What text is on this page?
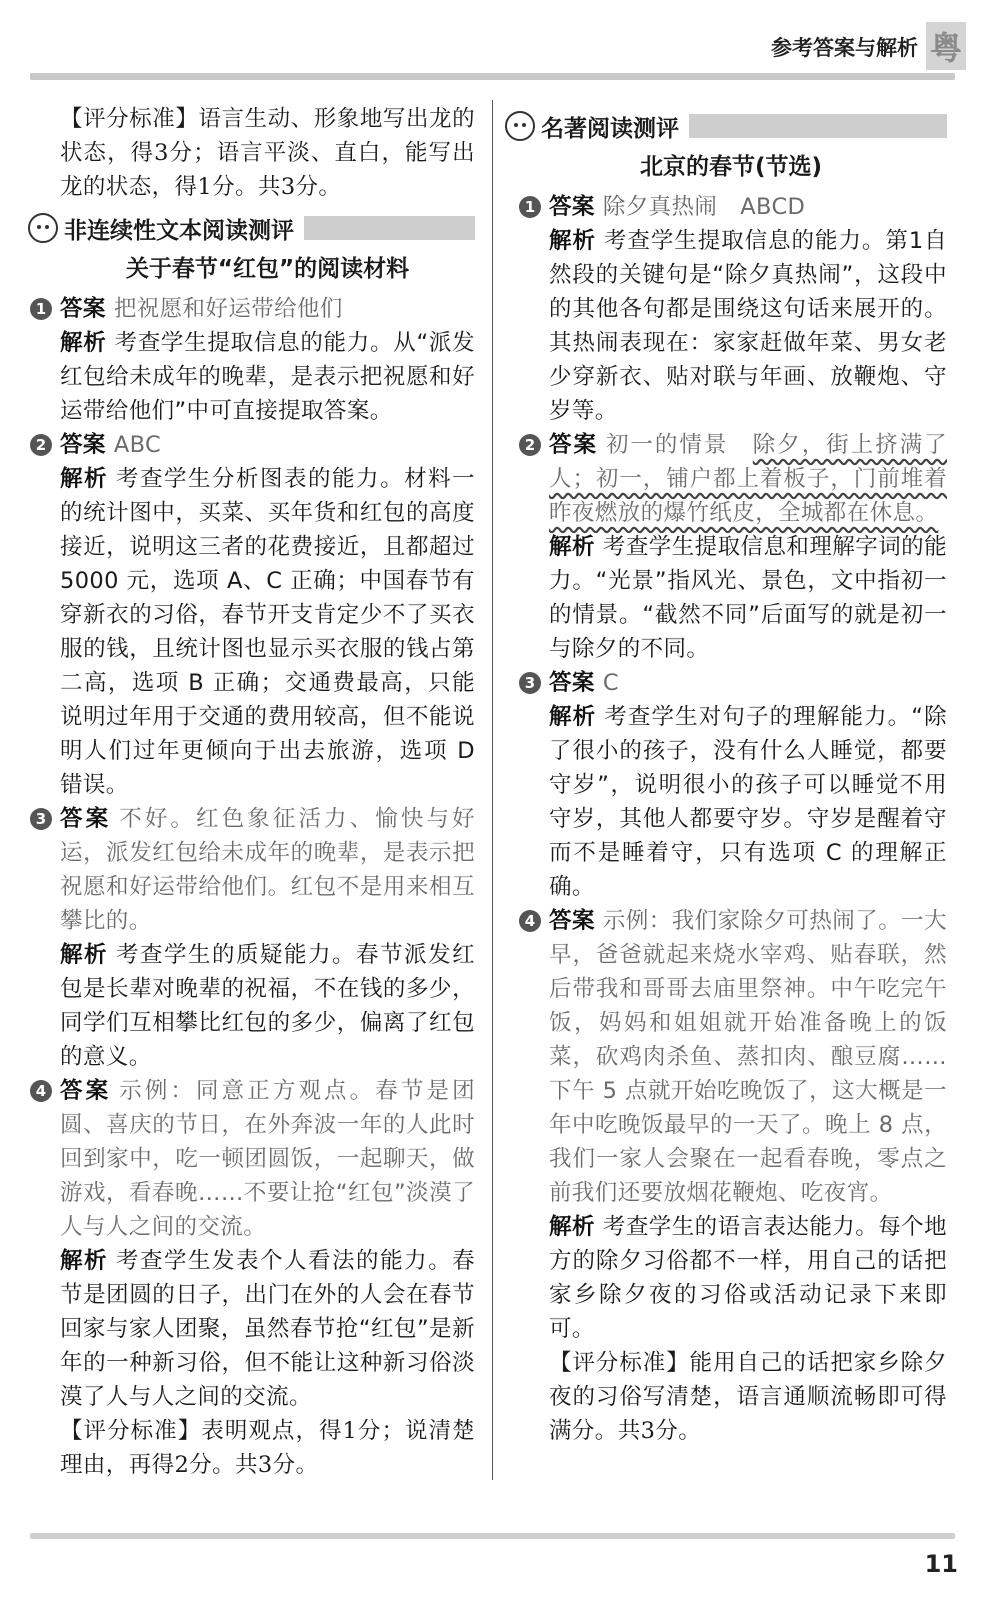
参考答案与解析 粤

【评分标准】语言生动、形象地写出龙的状态，得3分；语言平淡、直白，能写出龙的状态，得1分。共3分。

非连续性文本阅读测评
关于春节“红包”的阅读材料
1 答案 把祝愿和好运带给他们

解析 考查学生提取信息的能力。从“派发红包给未成年的晚辈，是表示把祝愿和好运带给他们”中可直接提取答案。

2 答案 ABC

解析 考查学生分析图表的能力。材料一的统计图中，买菜、买年货和红包的高度接近，说明这三者的花费接近，且都超过 5000 元，选项 A、C 正确；中国春节有穿新衣的习俗，春节开支肯定少不了买衣服的钱，且统计图也显示买衣服的钱占第二高，选项 B 正确；交通费最高，只能说明过年用于交通的费用较高，但不能说明人们过年更倾向于出去旅游，选项 D 错误。

3 答案 不好。红色象征活力、愉快与好运，派发红包给未成年的晚辈，是表示把祝愿和好运带给他们。红包不是用来相互攀比的。

解析 考查学生的质疑能力。春节派发红包是长辈对晚辈的祝福，不在钱的多少，同学们互相攀比红包的多少，偏离了红包的意义。

4 答案 示例：同意正方观点。春节是团圆、喜庆的节日，在外奔波一年的人此时回到家中，吃一顿团圆饭，一起聊天，做游戏，看春晚……不要让抢“红包”淡漠了人与人之间的交流。

解析 考查学生发表个人看法的能力。春节是团圆的日子，出门在外的人会在春节回家与家人团聚，虽然春节抢“红包”是新年的一种新习俗，但不能让这种新习俗淡漠了人与人之间的交流。

【评分标准】表明观点，得1分；说清楚理由，再得2分。共3分。

名著阅读测评
北京的春节(节选)
1 答案 除夕真热闹　ABCD

解析 考查学生提取信息的能力。第1自然段的关键句是“除夕真热闹”，这段中的其他各句都是围绕这句话来展开的。其热闹表现在：家家赶做年菜、男女老少穿新衣、贴对联与年画、放鞭炮、守岁等。

2 答案 初一的情景　除夕，街上挤满了人；初一，铺户都上着板子，门前堆着昨夜燃放的爆竹纸皮，全城都在休息。

解析 考查学生提取信息和理解字词的能力。“光景”指风光、景色，文中指初一的情景。“截然不同”后面写的就是初一与除夕的不同。

3 答案 C

解析 考查学生对句子的理解能力。“除了很小的孩子，没有什么人睡觉，都要守岁”，说明很小的孩子可以睡觉不用守岁，其他人都要守岁。守岁是醒着守而不是睡着守，只有选项 C 的理解正确。

4 答案 示例：我们家除夕可热闹了。一大早，爸爸就起来烧水宰鸡、贴春联，然后带我和哥哥去庙里祭神。中午吃完午饭，妈妈和姐姐就开始准备晚上的饭菜，砍鸡肉杀鱼、蒸扣肉、酿豆腐……下午 5 点就开始吃晚饭了，这大概是一年中吃晚饭最早的一天了。晚上 8 点，我们一家人会聚在一起看春晚，零点之前我们还要放烟花鞭炮、吃夜宵。

解析 考查学生的语言表达能力。每个地方的除夕习俗都不一样，用自己的话把家乡除夕夜的习俗或活动记录下来即可。

【评分标准】能用自己的话把家乡除夕夜的习俗写清楚，语言通顺流畅即可得满分。共3分。

11
